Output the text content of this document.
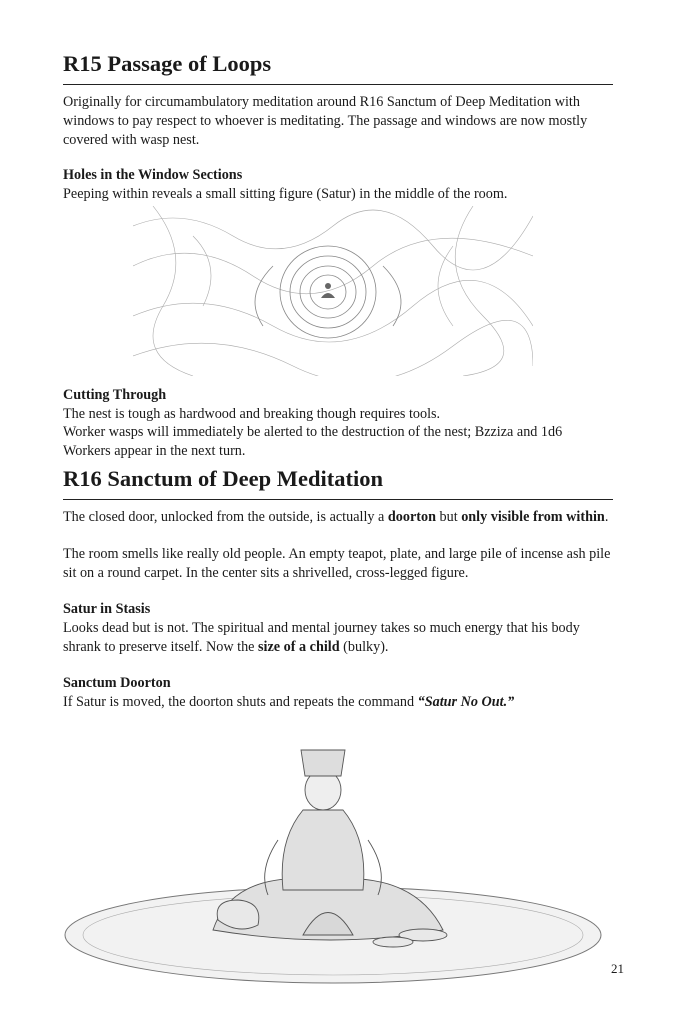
R15 Passage of Loops

Originally for circumambulatory meditation around R16 Sanctum of Deep Meditation with windows to pay respect to whoever is meditating. The passage and windows are now mostly covered with wasp nest.

Holes in the Window Sections

Peeping within reveals a small sitting figure (Satur) in the middle of the room.

Cutting Through

The nest is tough as hardwood and breaking though requires tools.

Worker wasps will immediately be alerted to the destruction of the nest; Bzziza and 1d6 Workers appear in the next turn.

R16 Sanctum of Deep Meditation

The closed door, unlocked from the outside, is actually a doorton but only visible from within.

The room smells like really old people. An empty teapot, plate, and large pile of incense ash pile sit on a round carpet. In the center sits a shrivelled, cross-legged figure.

Satur in Stasis

Looks dead but is not. The spiritual and mental journey takes so much energy that his body shrank to preserve itself. Now the size of a child (bulky).

Sanctum Doorton

If Satur is moved, the doorton shuts and repeats the command “Satur No Out.”

21
